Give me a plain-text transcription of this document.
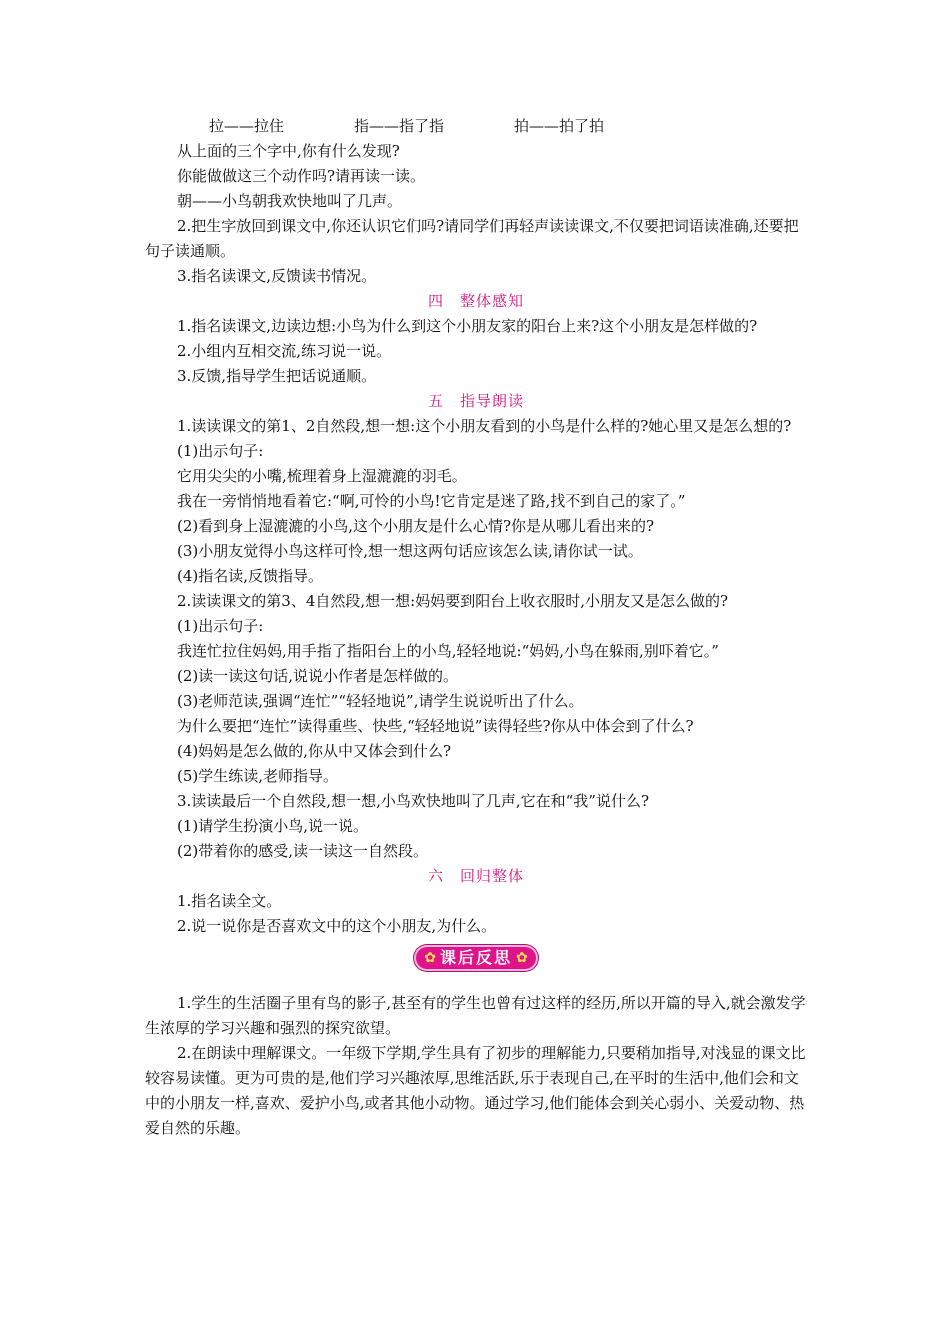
拉——拉住	指——指了指	拍——拍了拍

从上面的三个字中,你有什么发现?

你能做做这三个动作吗?请再读一读。

朝——小鸟朝我欢快地叫了几声。

2.把生字放回到课文中,你还认识它们吗?请同学们再轻声读读课文,不仅要把词语读准确,还要把句子读通顺。

3.指名读课文,反馈读书情况。

四　整体感知

1.指名读课文,边读边想:小鸟为什么到这个小朋友家的阳台上来?这个小朋友是怎样做的?

2.小组内互相交流,练习说一说。

3.反馈,指导学生把话说通顺。

五　指导朗读

1.读读课文的第1、2自然段,想一想:这个小朋友看到的小鸟是什么样的?她心里又是怎么想的?

(1)出示句子:

它用尖尖的小嘴,梳理着身上湿漉漉的羽毛。

我在一旁悄悄地看着它:“啊,可怜的小鸟!它肯定是迷了路,找不到自己的家了。”

(2)看到身上湿漉漉的小鸟,这个小朋友是什么心情?你是从哪儿看出来的?

(3)小朋友觉得小鸟这样可怜,想一想这两句话应该怎么读,请你试一试。

(4)指名读,反馈指导。

2.读读课文的第3、4自然段,想一想:妈妈要到阳台上收衣服时,小朋友又是怎么做的?

(1)出示句子:

我连忙拉住妈妈,用手指了指阳台上的小鸟,轻轻地说:“妈妈,小鸟在躲雨,别吓着它。”

(2)读一读这句话,说说小作者是怎样做的。

(3)老师范读,强调“连忙”“轻轻地说”,请学生说说听出了什么。

为什么要把“连忙”读得重些、快些,“轻轻地说”读得轻些?你从中体会到了什么?

(4)妈妈是怎么做的,你从中又体会到什么?

(5)学生练读,老师指导。

3.读读最后一个自然段,想一想,小鸟欢快地叫了几声,它在和“我”说什么?

(1)请学生扮演小鸟,说一说。

(2)带着你的感受,读一读这一自然段。

六　回归整体

1.指名读全文。

2.说一说你是否喜欢文中的这个小朋友,为什么。

✿ 课后反思 ✿

1.学生的生活圈子里有鸟的影子,甚至有的学生也曾有过这样的经历,所以开篇的导入,就会激发学生浓厚的学习兴趣和强烈的探究欲望。

2.在朗读中理解课文。一年级下学期,学生具有了初步的理解能力,只要稍加指导,对浅显的课文比较容易读懂。更为可贵的是,他们学习兴趣浓厚,思维活跃,乐于表现自己,在平时的生活中,他们会和文中的小朋友一样,喜欢、爱护小鸟,或者其他小动物。通过学习,他们能体会到关心弱小、关爱动物、热爱自然的乐趣。
